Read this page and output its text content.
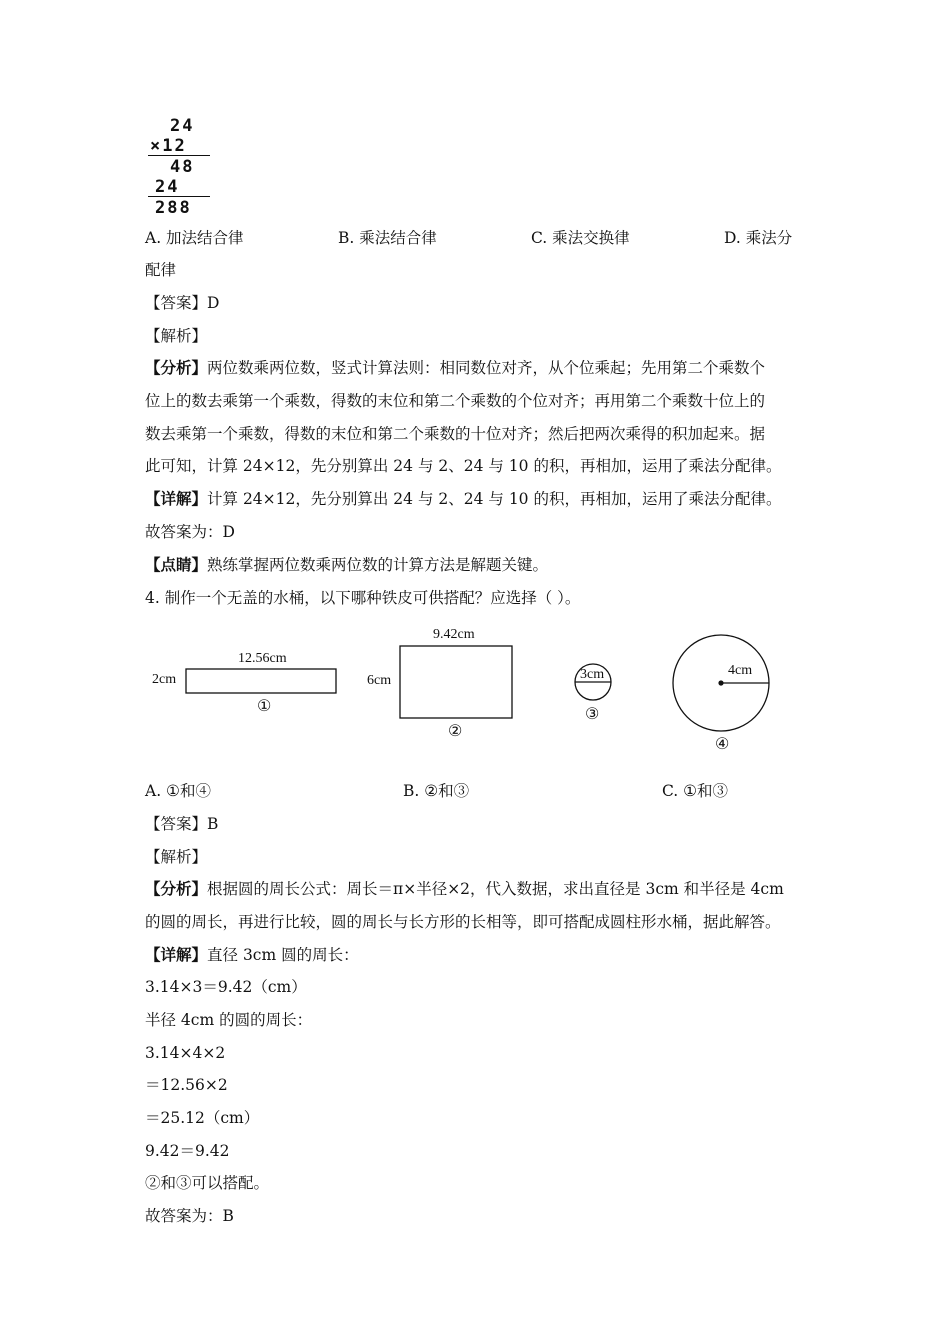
24
×12
48
24
288
A. 加法结合律	B. 乘法结合律	C. 乘法交换律	D. 乘法分
配律
【答案】D
【解析】
【分析】两位数乘两位数，竖式计算法则：相同数位对齐，从个位乘起；先用第二个乘数个
位上的数去乘第一个乘数，得数的末位和第二个乘数的个位对齐；再用第二个乘数十位上的
数去乘第一个乘数，得数的末位和第二个乘数的十位对齐；然后把两次乘得的积加起来。据
此可知，计算 24×12，先分别算出 24 与 2、24 与 10 的积，再相加，运用了乘法分配律。
【详解】计算 24×12，先分别算出 24 与 2、24 与 10 的积，再相加，运用了乘法分配律。
故答案为：D
【点睛】熟练掌握两位数乘两位数的计算方法是解题关键。
4. 制作一个无盖的水桶，以下哪种铁皮可供搭配？应选择（ ）。
12.56cm
2cm
①
9.42cm
6cm
②
3cm
③
4cm
④
A. ①和④	B. ②和③	C. ①和③
【答案】B
【解析】
【分析】根据圆的周长公式：周长＝π×半径×2，代入数据，求出直径是 3cm 和半径是 4cm
的圆的周长，再进行比较，圆的周长与长方形的长相等，即可搭配成圆柱形水桶，据此解答。
【详解】直径 3cm 圆的周长：
3.14×3＝9.42（cm）
半径 4cm 的圆的周长：
3.14×4×2
＝12.56×2
＝25.12（cm）
9.42＝9.42
②和③可以搭配。
故答案为：B
